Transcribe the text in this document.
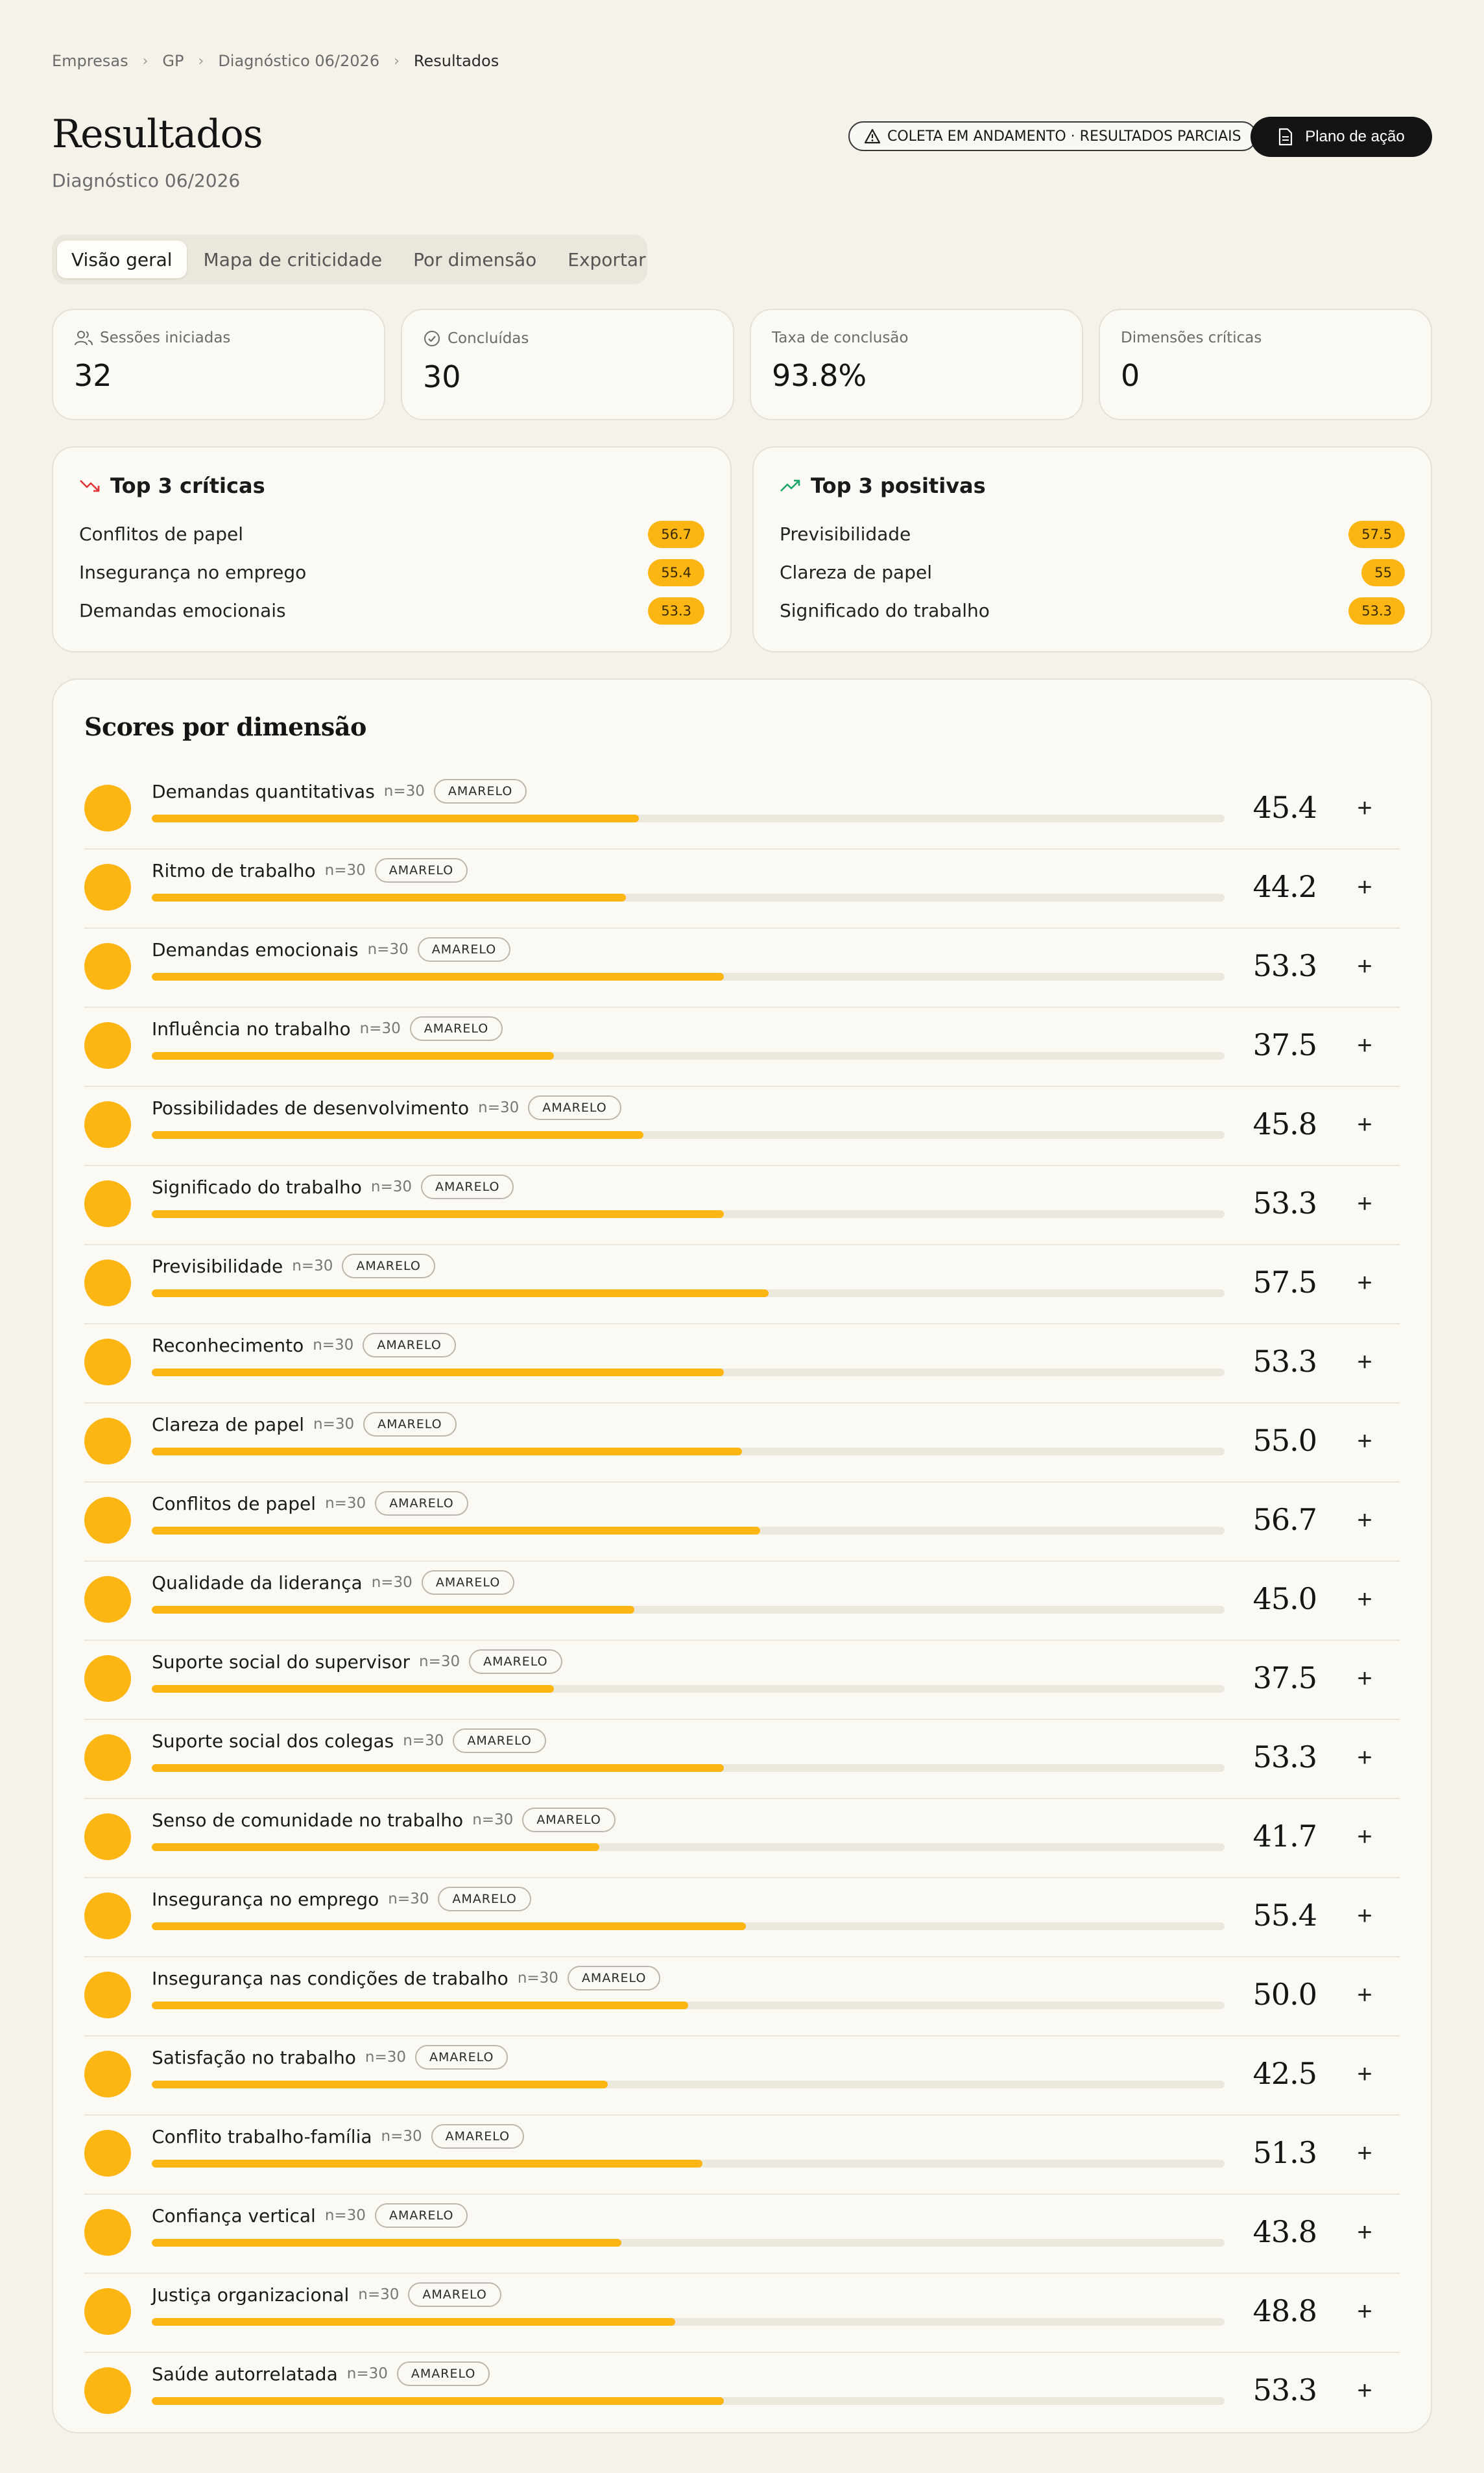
Empresas › GP › Diagnóstico 06/2026 › Resultados
Resultados
Diagnóstico 06/2026
COLETA EM ANDAMENTO · RESULTADOS PARCIAIS	Plano de ação
Visão geral	Mapa de criticidade	Por dimensão	Exportar
Sessões iniciadas
32
Concluídas
30
Taxa de conclusão
93.8%
Dimensões críticas
0
Top 3 críticas
Conflitos de papel	56.7
Insegurança no emprego	55.4
Demandas emocionais	53.3
Top 3 positivas
Previsibilidade	57.5
Clareza de papel	55
Significado do trabalho	53.3
Scores por dimensão
Demandas quantitativas n=30	AMARELO	45.4	+
Ritmo de trabalho n=30	AMARELO	44.2	+
Demandas emocionais n=30	AMARELO	53.3	+
Influência no trabalho n=30	AMARELO	37.5	+
Possibilidades de desenvolvimento n=30	AMARELO	45.8	+
Significado do trabalho n=30	AMARELO	53.3	+
Previsibilidade n=30	AMARELO	57.5	+
Reconhecimento n=30	AMARELO	53.3	+
Clareza de papel n=30	AMARELO	55.0	+
Conflitos de papel n=30	AMARELO	56.7	+
Qualidade da liderança n=30	AMARELO	45.0	+
Suporte social do supervisor n=30	AMARELO	37.5	+
Suporte social dos colegas n=30	AMARELO	53.3	+
Senso de comunidade no trabalho n=30	AMARELO	41.7	+
Insegurança no emprego n=30	AMARELO	55.4	+
Insegurança nas condições de trabalho n=30	AMARELO	50.0	+
Satisfação no trabalho n=30	AMARELO	42.5	+
Conflito trabalho-família n=30	AMARELO	51.3	+
Confiança vertical n=30	AMARELO	43.8	+
Justiça organizacional n=30	AMARELO	48.8	+
Saúde autorrelatada n=30	AMARELO	53.3	+
